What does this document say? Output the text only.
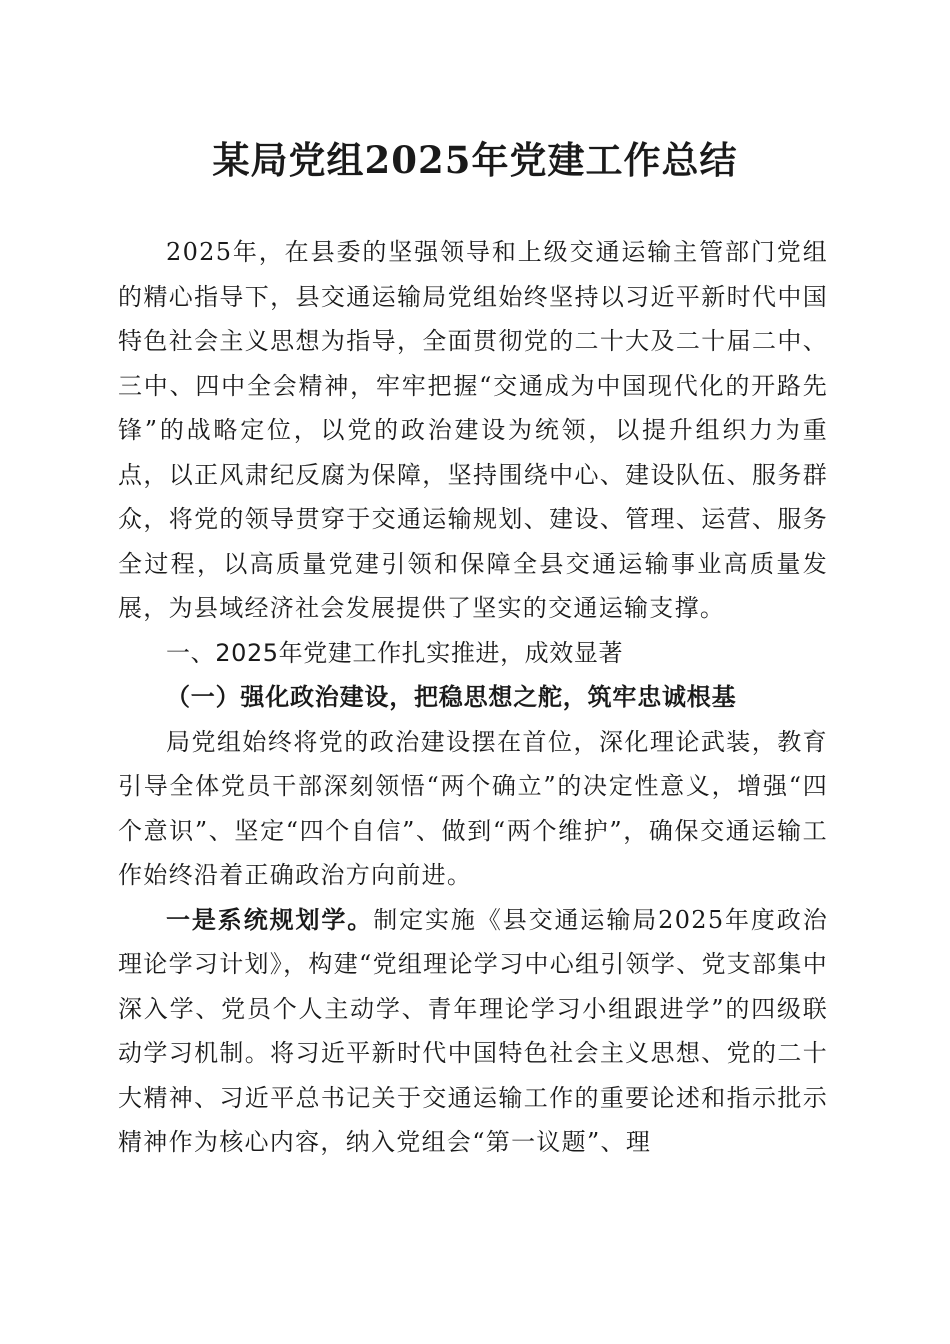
某局党组2025年党建工作总结

2025年，在县委的坚强领导和上级交通运输主管部门党组的精心指导下，县交通运输局党组始终坚持以习近平新时代中国特色社会主义思想为指导，全面贯彻党的二十大及二十届二中、三中、四中全会精神，牢牢把握“交通成为中国现代化的开路先锋”的战略定位，以党的政治建设为统领，以提升组织力为重点，以正风肃纪反腐为保障，坚持围绕中心、建设队伍、服务群众，将党的领导贯穿于交通运输规划、建设、管理、运营、服务全过程，以高质量党建引领和保障全县交通运输事业高质量发展，为县域经济社会发展提供了坚实的交通运输支撑。

一、2025年党建工作扎实推进，成效显著
（一）强化政治建设，把稳思想之舵，筑牢忠诚根基

局党组始终将党的政治建设摆在首位，深化理论武装，教育引导全体党员干部深刻领悟“两个确立”的决定性意义，增强“四个意识”、坚定“四个自信”、做到“两个维护”，确保交通运输工作始终沿着正确政治方向前进。

一是系统规划学。制定实施《县交通运输局2025年度政治理论学习计划》，构建“党组理论学习中心组引领学、党支部集中深入学、党员个人主动学、青年理论学习小组跟进学”的四级联动学习机制。将习近平新时代中国特色社会主义思想、党的二十大精神、习近平总书记关于交通运输工作的重要论述和指示批示精神作为核心内容，纳入党组会“第一议题”、理
